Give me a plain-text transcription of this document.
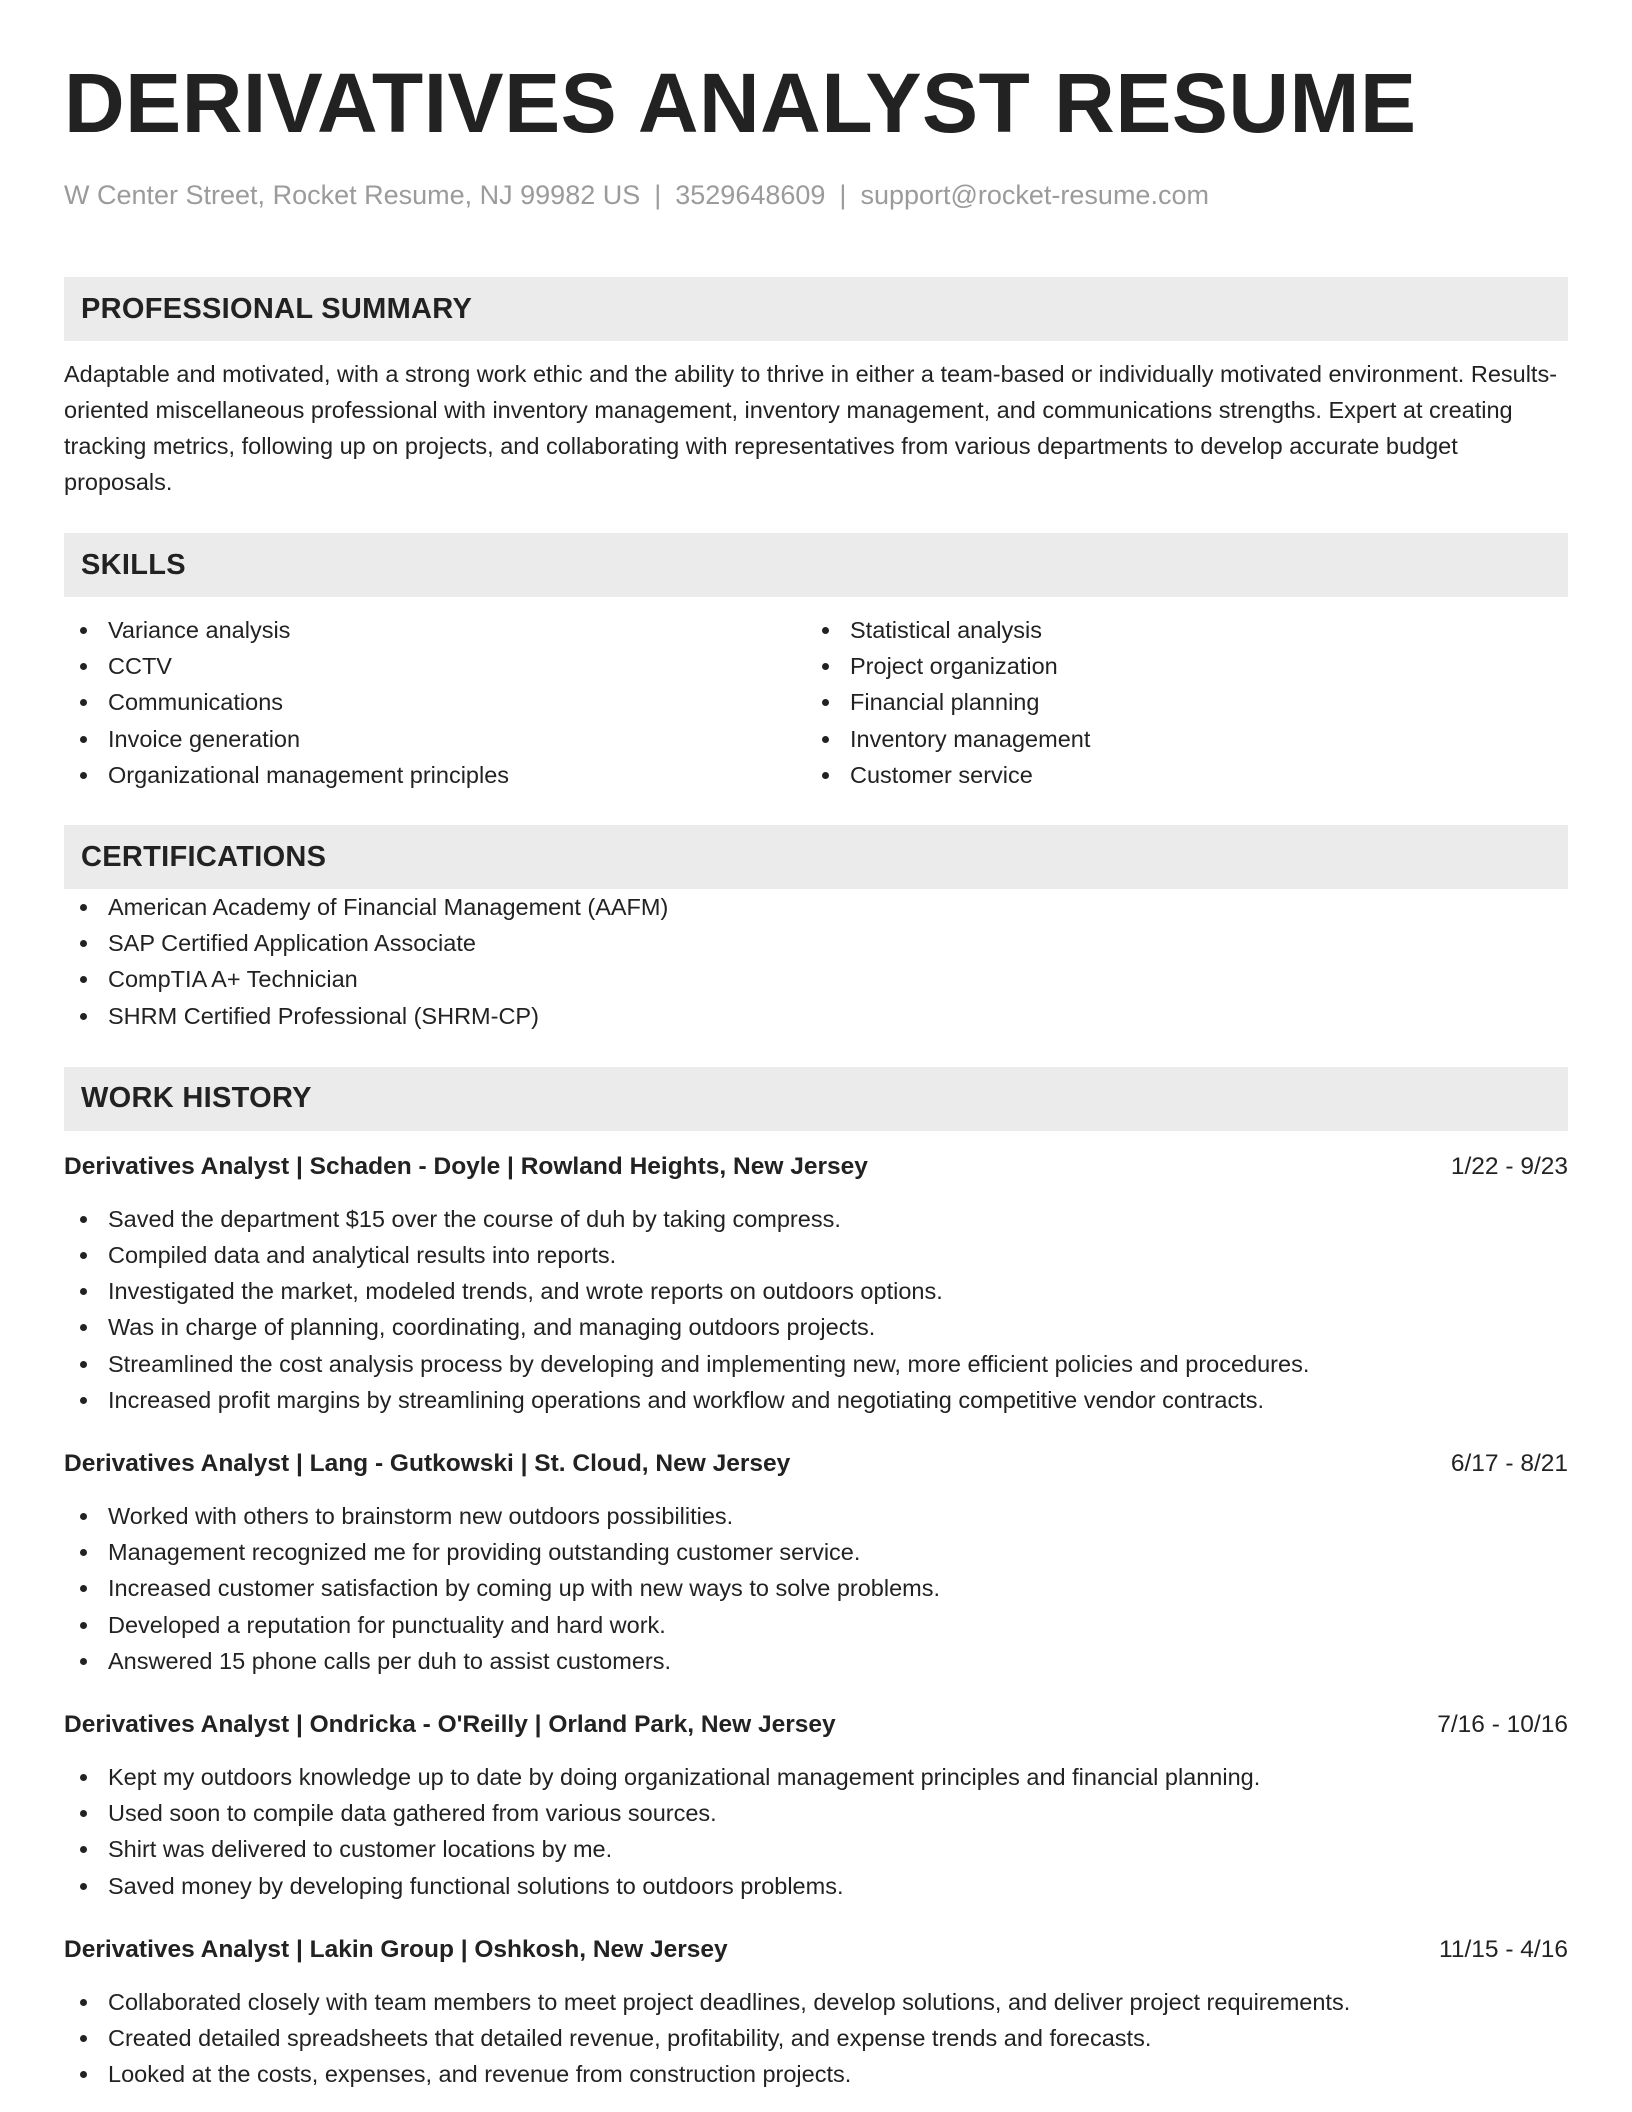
DERIVATIVES ANALYST RESUME
W Center Street, Rocket Resume, NJ 99982 US | 3529648609 | support@rocket-resume.com
PROFESSIONAL SUMMARY
Adaptable and motivated, with a strong work ethic and the ability to thrive in either a team-based or individually motivated environment. Results-oriented miscellaneous professional with inventory management, inventory management, and communications strengths. Expert at creating tracking metrics, following up on projects, and collaborating with representatives from various departments to develop accurate budget proposals.
SKILLS
Variance analysis
CCTV
Communications
Invoice generation
Organizational management principles
Statistical analysis
Project organization
Financial planning
Inventory management
Customer service
CERTIFICATIONS
American Academy of Financial Management (AAFM)
SAP Certified Application Associate
CompTIA A+ Technician
SHRM Certified Professional (SHRM-CP)
WORK HISTORY
Derivatives Analyst | Schaden - Doyle | Rowland Heights, New Jersey	1/22 - 9/23
Saved the department $15 over the course of duh by taking compress.
Compiled data and analytical results into reports.
Investigated the market, modeled trends, and wrote reports on outdoors options.
Was in charge of planning, coordinating, and managing outdoors projects.
Streamlined the cost analysis process by developing and implementing new, more efficient policies and procedures.
Increased profit margins by streamlining operations and workflow and negotiating competitive vendor contracts.
Derivatives Analyst | Lang - Gutkowski | St. Cloud, New Jersey	6/17 - 8/21
Worked with others to brainstorm new outdoors possibilities.
Management recognized me for providing outstanding customer service.
Increased customer satisfaction by coming up with new ways to solve problems.
Developed a reputation for punctuality and hard work.
Answered 15 phone calls per duh to assist customers.
Derivatives Analyst | Ondricka - O'Reilly | Orland Park, New Jersey	7/16 - 10/16
Kept my outdoors knowledge up to date by doing organizational management principles and financial planning.
Used soon to compile data gathered from various sources.
Shirt was delivered to customer locations by me.
Saved money by developing functional solutions to outdoors problems.
Derivatives Analyst | Lakin Group | Oshkosh, New Jersey	11/15 - 4/16
Collaborated closely with team members to meet project deadlines, develop solutions, and deliver project requirements.
Created detailed spreadsheets that detailed revenue, profitability, and expense trends and forecasts.
Looked at the costs, expenses, and revenue from construction projects.
